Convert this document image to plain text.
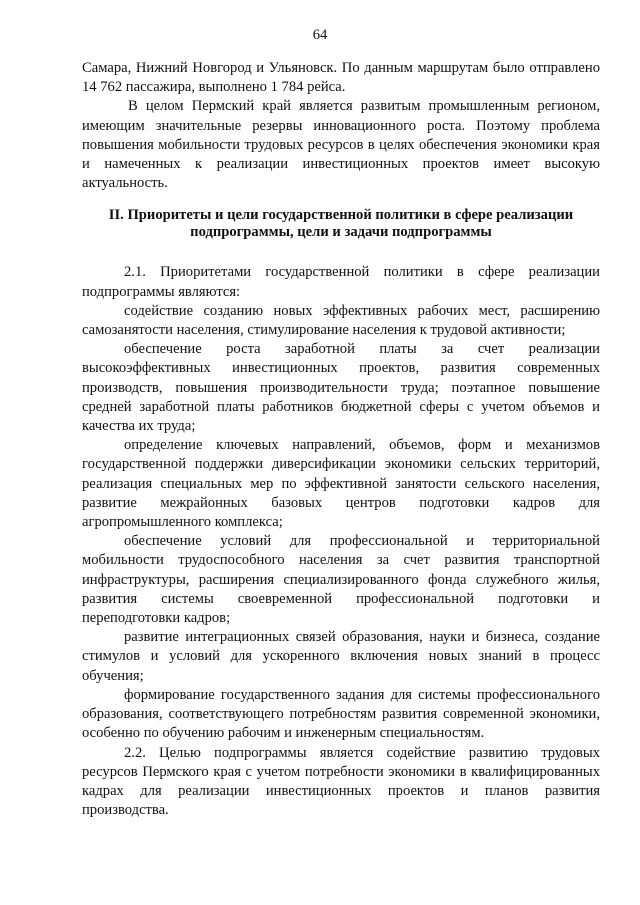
64

Самара, Нижний Новгород и Ульяновск. По данным маршрутам было отправлено 14 762 пассажира, выполнено 1 784 рейса.

В целом Пермский край является развитым промышленным регионом, имеющим значительные резервы инновационного роста. Поэтому проблема повышения мобильности трудовых ресурсов в целях обеспечения экономики края и намеченных к реализации инвестиционных проектов имеет высокую актуальность.

II. Приоритеты и цели государственной политики в сфере реализации подпрограммы, цели и задачи подпрограммы

2.1. Приоритетами государственной политики в сфере реализации подпрограммы являются:

содействие созданию новых эффективных рабочих мест, расширению самозанятости населения, стимулирование населения к трудовой активности;

обеспечение роста заработной платы за счет реализации высокоэффективных инвестиционных проектов, развития современных производств, повышения производительности труда; поэтапное повышение средней заработной платы работников бюджетной сферы с учетом объемов и качества их труда;

определение ключевых направлений, объемов, форм и механизмов государственной поддержки диверсификации экономики сельских территорий, реализация специальных мер по эффективной занятости сельского населения, развитие межрайонных базовых центров подготовки кадров для агропромышленного комплекса;

обеспечение условий для профессиональной и территориальной мобильности трудоспособного населения за счет развития транспортной инфраструктуры, расширения специализированного фонда служебного жилья, развития системы своевременной профессиональной подготовки и переподготовки кадров;

развитие интеграционных связей образования, науки и бизнеса, создание стимулов и условий для ускоренного включения новых знаний в процесс обучения;

формирование государственного задания для системы профессионального образования, соответствующего потребностям развития современной экономики, особенно по обучению рабочим и инженерным специальностям.

2.2. Целью подпрограммы является содействие развитию трудовых ресурсов Пермского края с учетом потребности экономики в квалифицированных кадрах для реализации инвестиционных проектов и планов развития производства.
